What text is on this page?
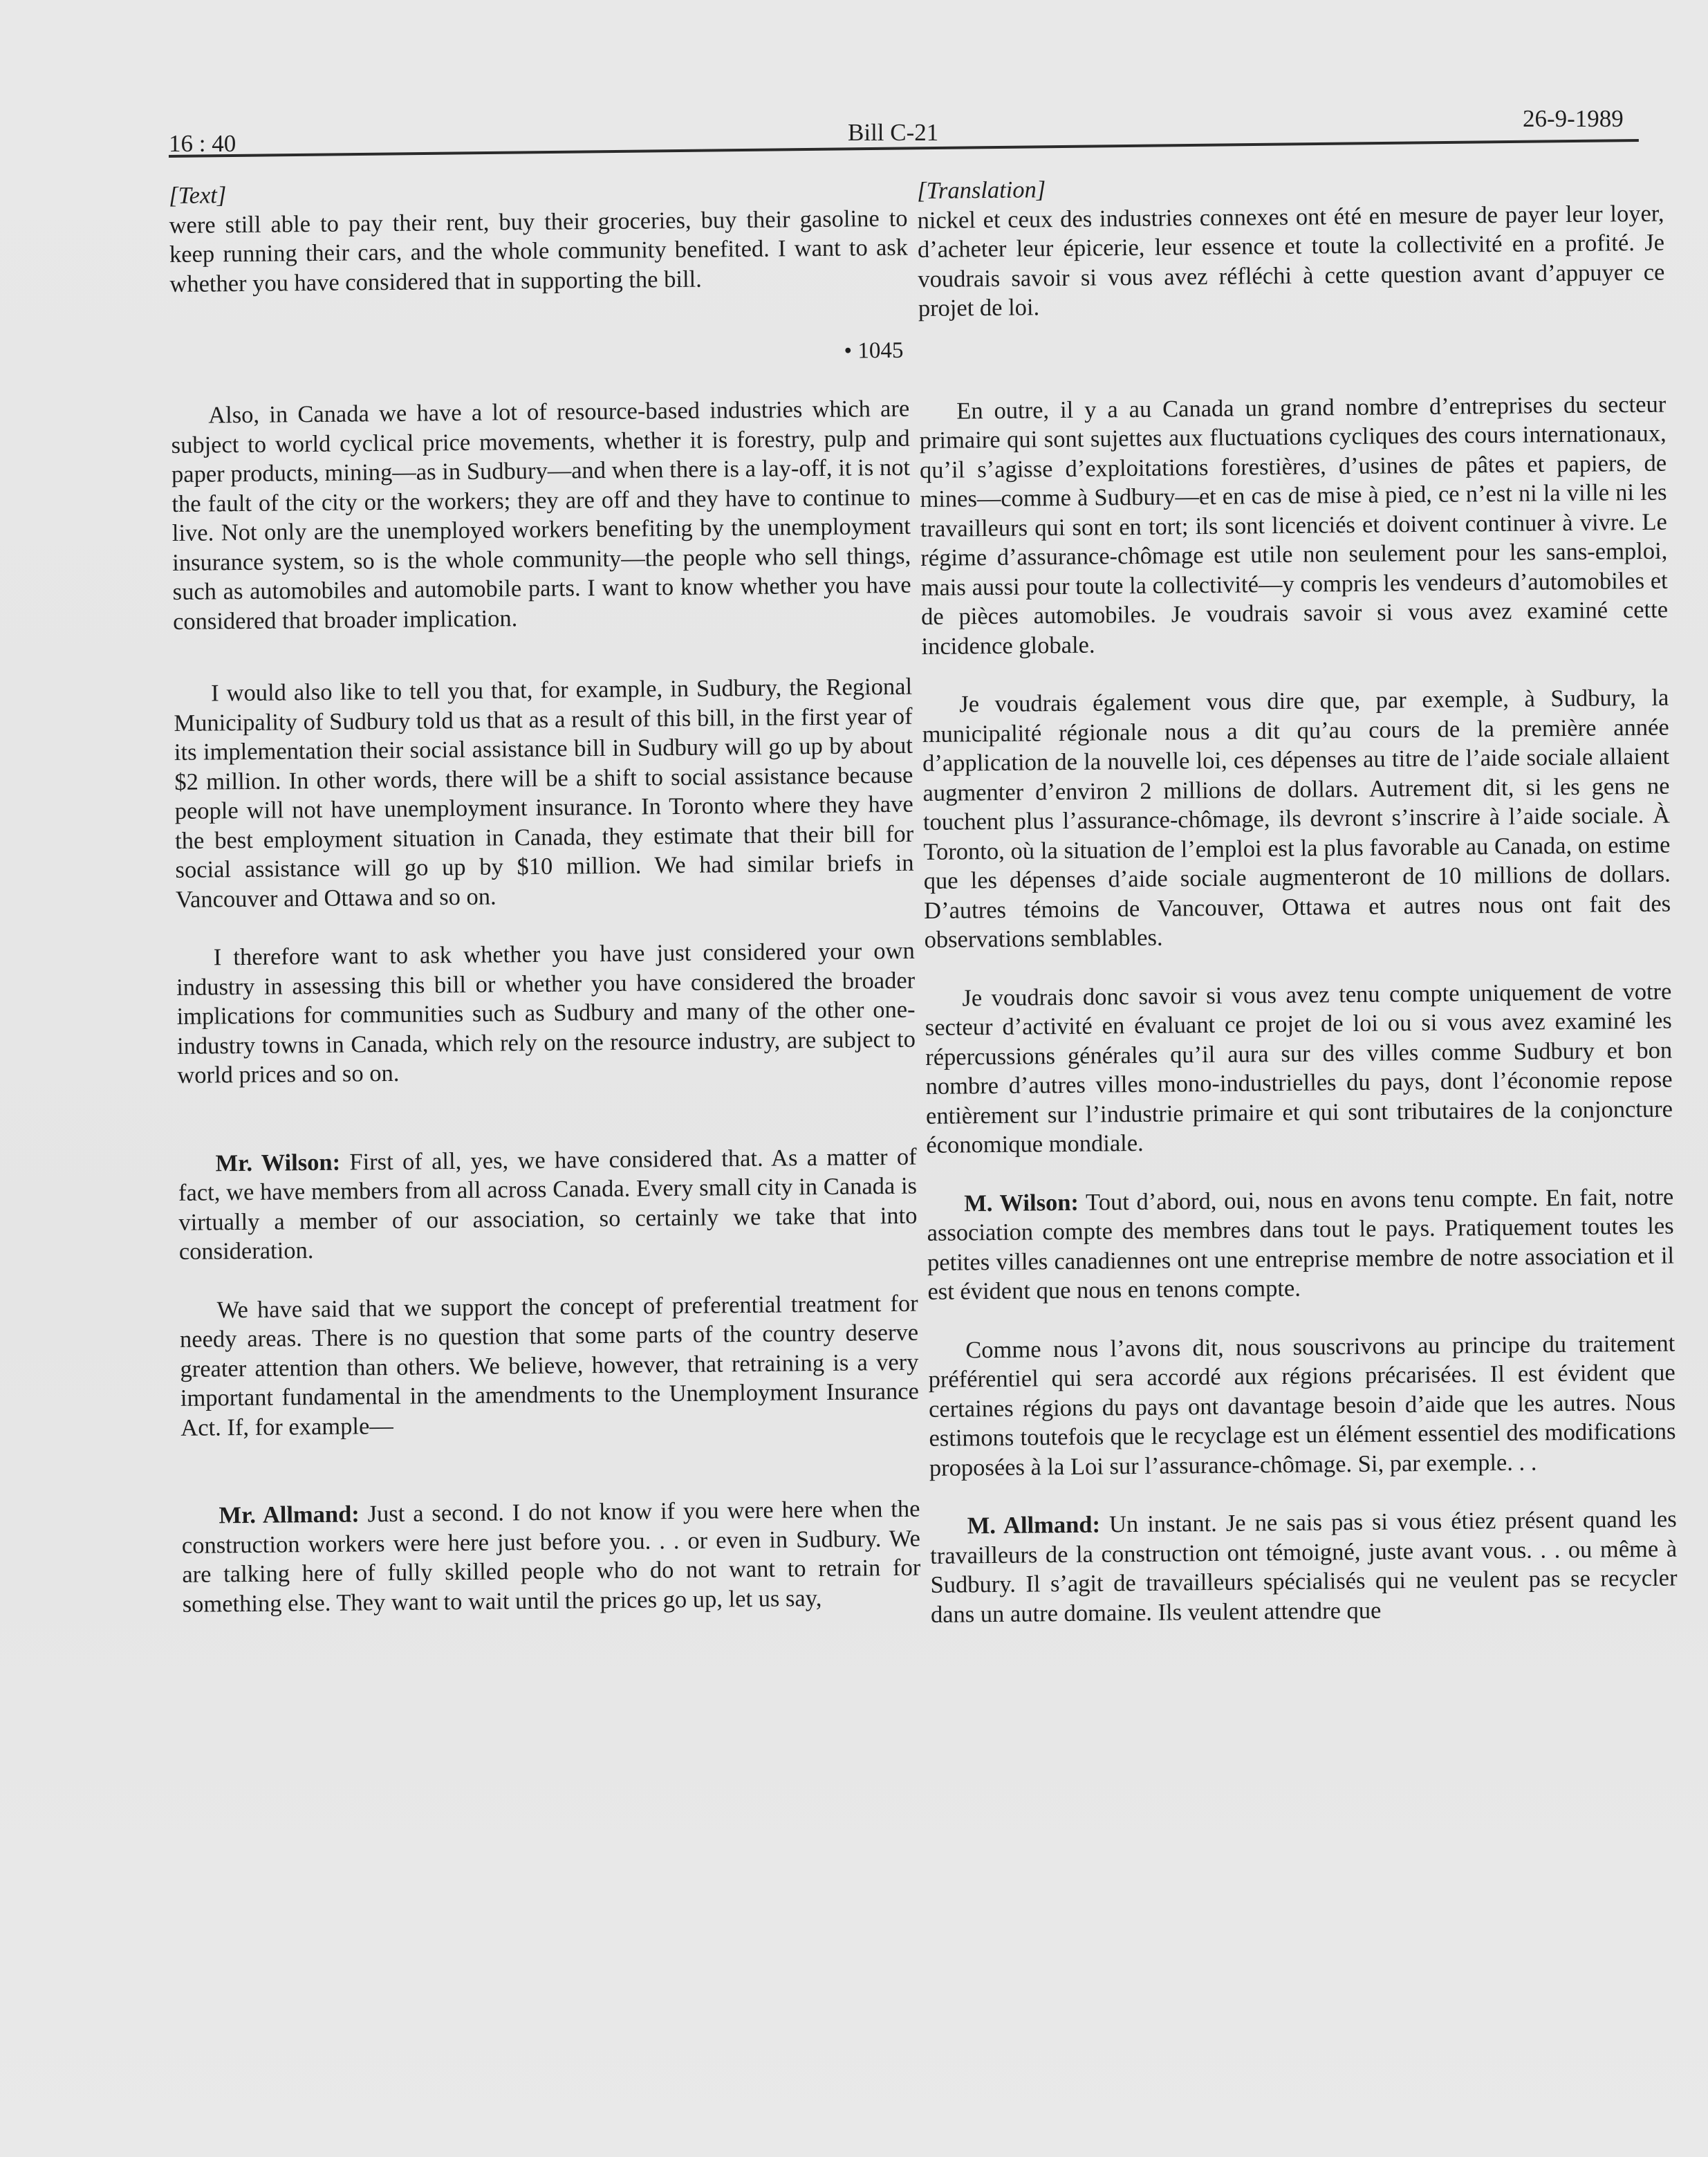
16 : 40	Bill C-21
26-9-1989
[Text]

were still able to pay their rent, buy their groceries, buy their gasoline to keep running their cars, and the whole community benefited. I want to ask whether you have considered that in supporting the bill.

• 1045

Also, in Canada we have a lot of resource-based industries which are subject to world cyclical price movements, whether it is forestry, pulp and paper products, mining—as in Sudbury—and when there is a lay-off, it is not the fault of the city or the workers; they are off and they have to continue to live. Not only are the unemployed workers benefiting by the unemployment insurance system, so is the whole community—the people who sell things, such as automobiles and automobile parts. I want to know whether you have considered that broader implication.

I would also like to tell you that, for example, in Sudbury, the Regional Municipality of Sudbury told us that as a result of this bill, in the first year of its implementation their social assistance bill in Sudbury will go up by about $2 million. In other words, there will be a shift to social assistance because people will not have unemployment insurance. In Toronto where they have the best employment situation in Canada, they estimate that their bill for social assistance will go up by $10 million. We had similar briefs in Vancouver and Ottawa and so on.

I therefore want to ask whether you have just considered your own industry in assessing this bill or whether you have considered the broader implications for communities such as Sudbury and many of the other one-industry towns in Canada, which rely on the resource industry, are subject to world prices and so on.

Mr. Wilson: First of all, yes, we have considered that. As a matter of fact, we have members from all across Canada. Every small city in Canada is virtually a member of our association, so certainly we take that into consideration.

We have said that we support the concept of preferential treatment for needy areas. There is no question that some parts of the country deserve greater attention than others. We believe, however, that retraining is a very important fundamental in the amendments to the Unemployment Insurance Act. If, for example—

Mr. Allmand: Just a second. I do not know if you were here when the construction workers were here just before you. . . or even in Sudbury. We are talking here of fully skilled people who do not want to retrain for something else. They want to wait until the prices go up, let us say,

[Translation]

nickel et ceux des industries connexes ont été en mesure de payer leur loyer, d’acheter leur épicerie, leur essence et toute la collectivité en a profité. Je voudrais savoir si vous avez réfléchi à cette question avant d’appuyer ce projet de loi.

En outre, il y a au Canada un grand nombre d’entreprises du secteur primaire qui sont sujettes aux fluctuations cycliques des cours internationaux, qu’il s’agisse d’exploitations forestières, d’usines de pâtes et papiers, de mines—comme à Sudbury—et en cas de mise à pied, ce n’est ni la ville ni les travailleurs qui sont en tort; ils sont licenciés et doivent continuer à vivre. Le régime d’assurance-chômage est utile non seulement pour les sans-emploi, mais aussi pour toute la collectivité—y compris les vendeurs d’automobiles et de pièces automobiles. Je voudrais savoir si vous avez examiné cette incidence globale.

Je voudrais également vous dire que, par exemple, à Sudbury, la municipalité régionale nous a dit qu’au cours de la première année d’application de la nouvelle loi, ces dépenses au titre de l’aide sociale allaient augmenter d’environ 2 millions de dollars. Autrement dit, si les gens ne touchent plus l’assurance-chômage, ils devront s’inscrire à l’aide sociale. À Toronto, où la situation de l’emploi est la plus favorable au Canada, on estime que les dépenses d’aide sociale augmenteront de 10 millions de dollars. D’autres témoins de Vancouver, Ottawa et autres nous ont fait des observations semblables.

Je voudrais donc savoir si vous avez tenu compte uniquement de votre secteur d’activité en évaluant ce projet de loi ou si vous avez examiné les répercussions générales qu’il aura sur des villes comme Sudbury et bon nombre d’autres villes mono-industrielles du pays, dont l’économie repose entièrement sur l’industrie primaire et qui sont tributaires de la conjoncture économique mondiale.

M. Wilson: Tout d’abord, oui, nous en avons tenu compte. En fait, notre association compte des membres dans tout le pays. Pratiquement toutes les petites villes canadiennes ont une entreprise membre de notre association et il est évident que nous en tenons compte.

Comme nous l’avons dit, nous souscrivons au principe du traitement préférentiel qui sera accordé aux régions précarisées. Il est évident que certaines régions du pays ont davantage besoin d’aide que les autres. Nous estimons toutefois que le recyclage est un élément essentiel des modifications proposées à la Loi sur l’assurance-chômage. Si, par exemple. . .

M. Allmand: Un instant. Je ne sais pas si vous étiez présent quand les travailleurs de la construction ont témoigné, juste avant vous. . . ou même à Sudbury. Il s’agit de travailleurs spécialisés qui ne veulent pas se recycler dans un autre domaine. Ils veulent attendre que
